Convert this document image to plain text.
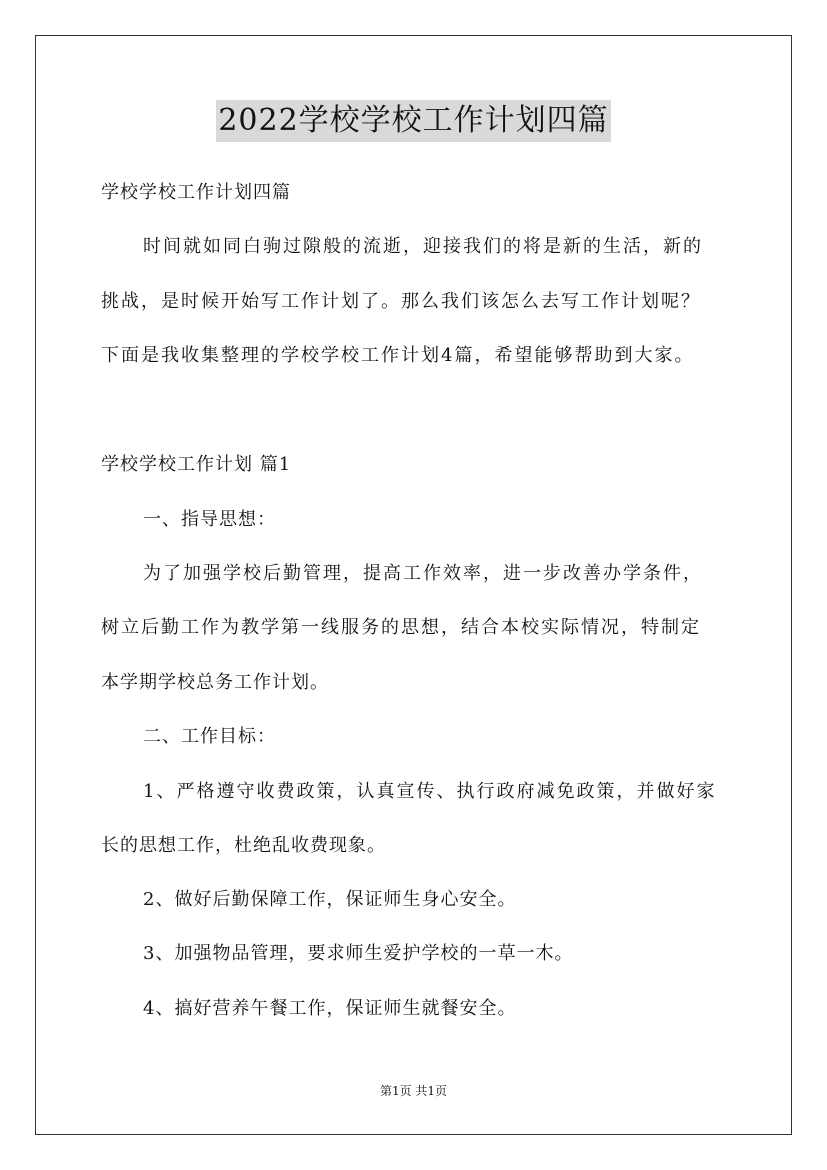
2022学校学校工作计划四篇
学校学校工作计划四篇
时间就如同白驹过隙般的流逝，迎接我们的将是新的生活，新的
挑战，是时候开始写工作计划了。那么我们该怎么去写工作计划呢？
下面是我收集整理的学校学校工作计划4篇，希望能够帮助到大家。
学校学校工作计划 篇1
一、指导思想：
为了加强学校后勤管理，提高工作效率，进一步改善办学条件，
树立后勤工作为教学第一线服务的思想，结合本校实际情况，特制定
本学期学校总务工作计划。
二、工作目标：
1、严格遵守收费政策，认真宣传、执行政府减免政策，并做好家
长的思想工作，杜绝乱收费现象。
2、做好后勤保障工作，保证师生身心安全。
3、加强物品管理，要求师生爱护学校的一草一木。
4、搞好营养午餐工作，保证师生就餐安全。
第1页 共1页
